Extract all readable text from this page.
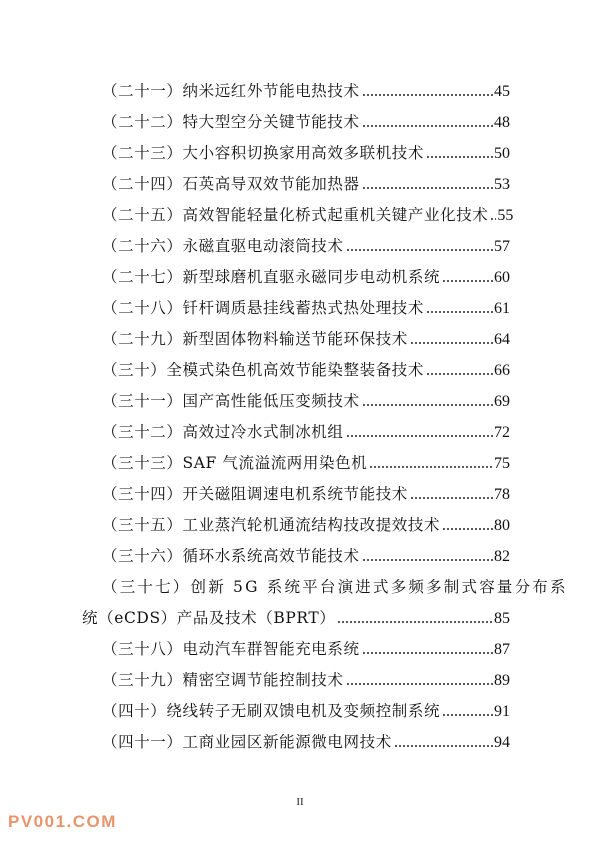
（二十一）纳米远红外节能电热技术	45
（二十二）特大型空分关键节能技术	48
（二十三）大小容积切换家用高效多联机技术	50
（二十四）石英高导双效节能加热器	53
（二十五）高效智能轻量化桥式起重机关键产业化技术 55
（二十六）永磁直驱电动滚筒技术	57
（二十七）新型球磨机直驱永磁同步电动机系统	60
（二十八）钎杆调质悬挂线蓄热式热处理技术	61
（二十九）新型固体物料输送节能环保技术	64
（三十）全模式染色机高效节能染整装备技术	66
（三十一）国产高性能低压变频技术	69
（三十二）高效过冷水式制冰机组	72
（三十三）SAF 气流溢流两用染色机	75
（三十四）开关磁阻调速电机系统节能技术	78
（三十五）工业蒸汽轮机通流结构技改提效技术	80
（三十六）循环水系统高效节能技术	82
（三十七）创新 5G 系统平台演进式多频多制式容量分布系
统（eCDS）产品及技术（BPRT）	85
（三十八）电动汽车群智能充电系统	87
（三十九）精密空调节能控制技术	89
（四十）绕线转子无刷双馈电机及变频控制系统	91
（四十一）工商业园区新能源微电网技术	94
II
PV001.COM
